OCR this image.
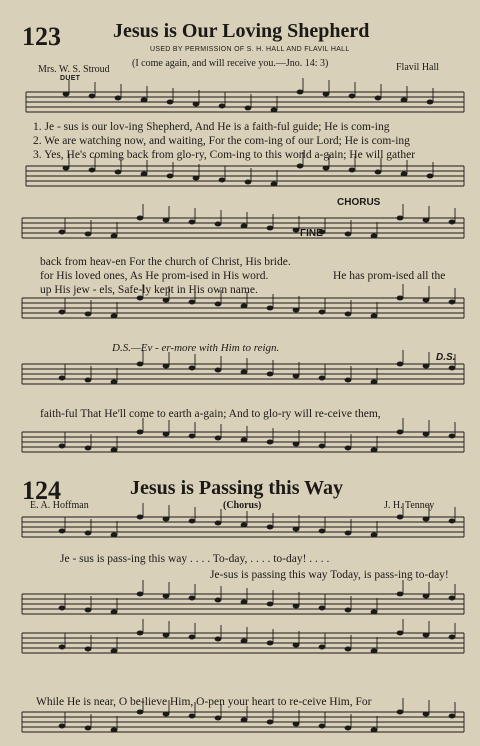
123	Jesus is Our Loving Shepherd
USED BY PERMISSION OF S. H. HALL AND FLAVIL HALL
Mrs. W. S. Stroud
(I come again, and will receive you.—Jno. 14: 3)	Flavil Hall
DUET
1. Je - sus is our lov-ing Shepherd, And He is a faith-ful guide; He is com-ing
2. We are watching now, and waiting, For the com-ing of our Lord; He is com-ing
3. Yes, He's coming back from glo-ry, Com-ing to this world a-gain; He will gather
FINE
CHORUS
back from heav-en For the church of Christ, His bride.
for His loved ones, As He prom-ised in His word.
up His jew - els, Safe-ly kept in His own name.
He has prom-ised all the
D.S.—Ev - er-more with Him to reign.
D.S.
faith-ful That He'll come to earth a-gain; And to glo-ry will re-ceive them,
124	Jesus is Passing this Way
E. A. Hoffman	(Chorus)	J. H. Tenney
Je - sus is pass-ing this way . . . . To-day, . . . . to-day! . . . .
Je-sus is passing this way Today, is pass-ing to-day!
While He is near, O be-lieve Him, O-pen your heart to re-ceive Him, For
